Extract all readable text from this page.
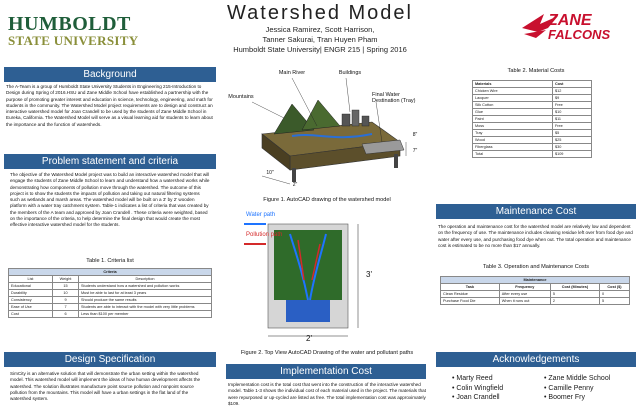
HUMBOLDT
STATE UNIVERSITY
Watershed Model
Jessica Ramirez, Scott Harrison,
Tanner Sakurai, Tran Huyen Pham
Humboldt State University| ENGR 215 | Spring 2016
ZANE
FALCONS
Background
The A-Team is a group of Humboldt State University Students in Engineering 215-Introduction to Design during Spring of 2016.HSU and Zane Middle School have established a partnership with the purpose of promoting greater interest and education in science, technology, engineering, and math for students in the community. The Watershed Model project requirements are to design and construct an interactive watershed model for Joan Crandell to be used by the students of Zane Middle School in Eureka, California. The Watershed Model will serve as a visual learning aid for students to learn about the importance and the function of watersheds.
Problem statement and criteria
The objective of the Watershed Model project was to build an interactive watershed model that will engage the students of Zane Middle School to learn and understand how a watershed works while demonstrating how components of pollution move through the watershed. The outcome of this project is to show the students the impacts of pollution and taking out natural filtering systems such as wetlands and marsh areas. The watershed model will be built on a 3' by 2' wooden platform with a water tray catchment system. Table-1 indicates a list of criteria that was created by the members of the A team and approved by Joan Crandell . These criteria were weighted, based on the importance of the criteria, to help determine the final design that would create the most effective interactive watershed model for the students.
Table 1. Criteria list
Criteria		
List	Weight	Description
Educational	15	Students understand how a watershed and pollution works
Durability	10	Must be able to last for at least 3 years
Consistency	9	Should produce the same results
Ease of Use	7	Students are able to interact with the model with very little problems
Cost	6	Less than $100 per member
Design Specification
SimCity is an alternative solution that will demonstrate the urban setting within the watershed model. This watershed model will implement the ideas of how human development affects the watershed. The solution illustrates manufacture point source pollution and nonpoint source pollution from the mountains. This model will have a urban settings in the flat land of the watershed system.
Main River	Buildings
Mountains	Final Water Destination (Tray)
8"
7"
10"
2"
Figure 1. AutoCAD drawing of the watershed model
Water path
Pollution path
3'
2'
Figure 2. Top View AutoCAD Drawing of the water and pollutant paths
Implementation Cost
Implementation cost is the total cost that went into the construction of the interactive watershed model. Table 1-3 shows the individual cost of each material used in the project. The materials that were repurposed or up-cycled are listed as free. The total implementation cost was approximately $109.
Table 2. Material Costs
Materials	Cost
Chicken Wire	$12
Lacquer	$9
Silk Cotton	Free
Glue	$10
Paint	$11
Moss	Free
Tray	$5
Wood	$25
Fiberglass	$30
Total	$109
Maintenance Cost
The operation and maintenance cost for the watershed model are relatively low and dependent on the frequency of use. The maintenance includes cleaning residue left over from food dye and water after every use, and purchasing food dye when out. The total operation and maintenance cost is estimated to be no more than $17 annually.
Table 3. Operation and Maintenance Costs
Maintenance			
Task	Frequency	Cost (Minutes)	Cost ($)
Clean Residue	After every use	5	0
Purchase Food Die	When it runs out	2	5
Acknowledgements
• Marty Reed
• Colin Wingfield
• Joan Crandell
• Zane Middle School
• Camille Penny
• Boomer Fry
